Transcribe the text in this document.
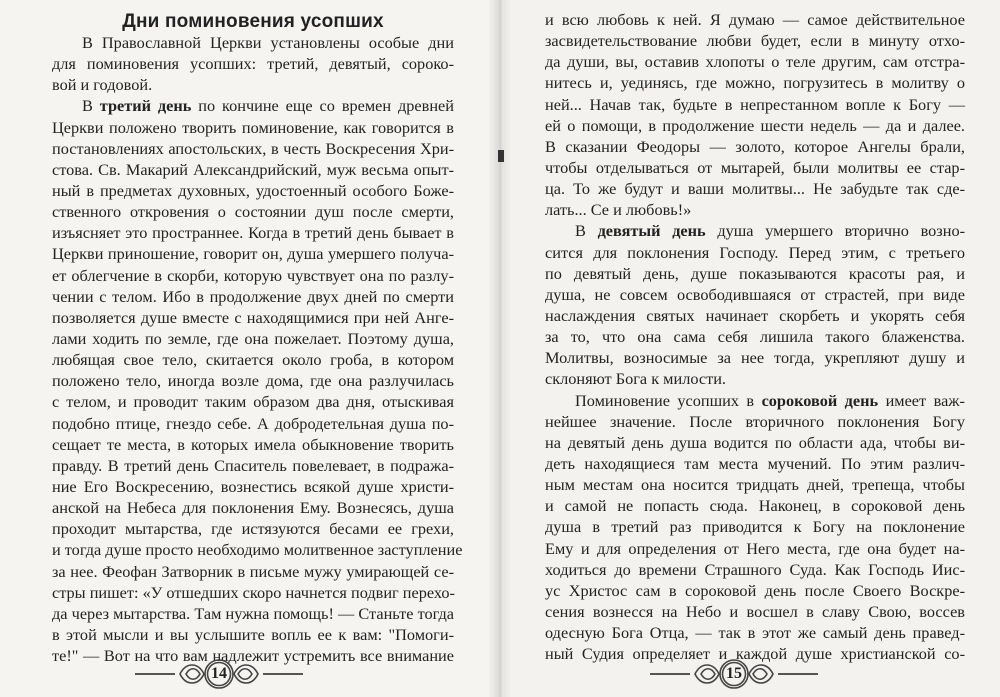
Дни поминовения усопших
В Православной Церкви установлены особые дни
для поминовения усопших: третий, девятый, сороко-
вой и годовой.
В третий день по кончине еще со времен древней
Церкви положено творить поминовение, как говорится в
постановлениях апостольских, в честь Воскресения Хри-
стова. Св. Макарий Александрийский, муж весьма опыт-
ный в предметах духовных, удостоенный особого Боже-
ственного откровения о состоянии душ после смерти,
изъясняет это пространнее. Когда в третий день бывает в
Церкви приношение, говорит он, душа умершего получа-
ет облегчение в скорби, которую чувствует она по разлу-
чении с телом. Ибо в продолжение двух дней по смерти
позволяется душе вместе с находящимися при ней Анге-
лами ходить по земле, где она пожелает. Поэтому душа,
любящая свое тело, скитается около гроба, в котором
положено тело, иногда возле дома, где она разлучилась
с телом, и проводит таким образом два дня, отыскивая
подобно птице, гнездо себе. А добродетельная душа по-
сещает те места, в которых имела обыкновение творить
правду. В третий день Спаситель повелевает, в подража-
ние Его Воскресению, вознестись всякой душе христи-
анской на Небеса для поклонения Ему. Вознесясь, душа
проходит мытарства, где истязуются бесами ее грехи,
и тогда душе просто необходимо молитвенное заступление
за нее. Феофан Затворник в письме мужу умирающей се-
стры пишет: «У отшедших скоро начнется подвиг перехо-
да через мытарства. Там нужна помощь! — Станьте тогда
в этой мысли и вы услышите вопль ее к вам: "Помоги-
те!" — Вот на что вам надлежит устремить все внимание
14
и всю любовь к ней. Я думаю — самое действительное
засвидетельствование любви будет, если в минуту отхо-
да души, вы, оставив хлопоты о теле другим, сам отстра-
нитесь и, уединясь, где можно, погрузитесь в молитву о
ней... Начав так, будьте в непрестанном вопле к Богу —
ей о помощи, в продолжение шести недель — да и далее.
В сказании Феодоры — золото, которое Ангелы брали,
чтобы отделываться от мытарей, были молитвы ее стар-
ца. То же будут и ваши молитвы... Не забудьте так сде-
лать... Се и любовь!»
В девятый день душа умершего вторично возно-
сится для поклонения Господу. Перед этим, с третьего
по девятый день, душе показываются красоты рая, и
душа, не совсем освободившаяся от страстей, при виде
наслаждения святых начинает скорбеть и укорять себя
за то, что она сама себя лишила такого блаженства.
Молитвы, возносимые за нее тогда, укрепляют душу и
склоняют Бога к милости.
Поминовение усопших в сороковой день имеет важ-
нейшее значение. После вторичного поклонения Богу
на девятый день душа водится по области ада, чтобы ви-
деть находящиеся там места мучений. По этим различ-
ным местам она носится тридцать дней, трепеща, чтобы
и самой не попасть сюда. Наконец, в сороковой день
душа в третий раз приводится к Богу на поклонение
Ему и для определения от Него места, где она будет на-
ходиться до времени Страшного Суда. Как Господь Иис-
ус Христос сам в сороковой день после Своего Воскре-
сения вознесся на Небо и восшел в славу Свою, воссев
одесную Бога Отца, — так в этот же самый день правед-
ный Судия определяет и каждой душе христианской со-
15
